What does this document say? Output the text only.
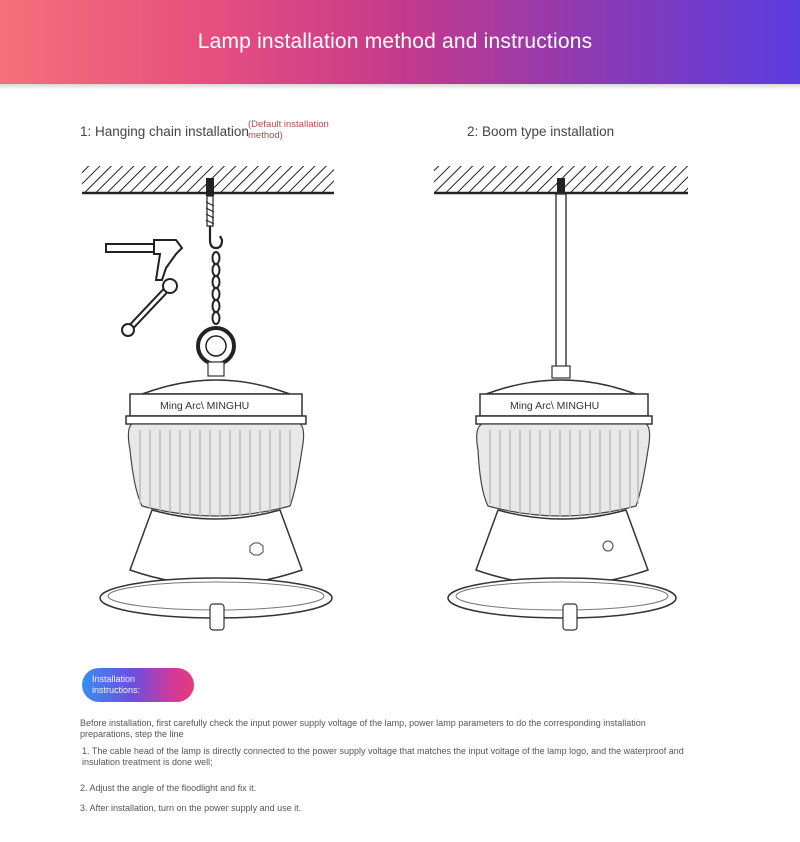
Lamp installation method and instructions
1: Hanging chain installation (Default installation method)	2: Boom type installation
Ming Arc\ MINGHU	Ming Arc\ MINGHU
Installation instructions:
Before installation, first carefully check the input power supply voltage of the lamp, power lamp parameters to do the corresponding installation preparations, step the line
1. The cable head of the lamp is directly connected to the power supply voltage that matches the input voltage of the lamp logo, and the waterproof and insulation treatment is done well;
2. Adjust the angle of the floodlight and fix it.
3. After installation, turn on the power supply and use it.
